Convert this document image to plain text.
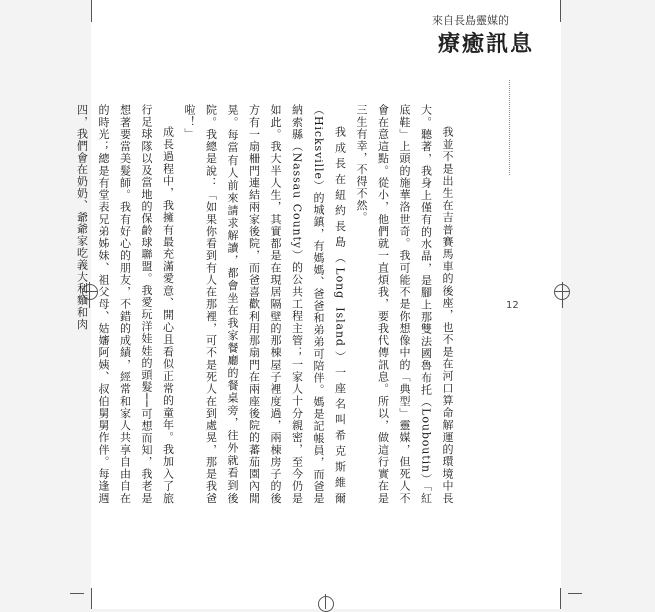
來自長島靈媒的
療癒訊息
12

我並不是出生在吉普賽馬車的後座，也不是在河口算命解運的環境中長大。聽著，我身上僅有的水晶，是腳上那雙法國魯布托（Louboutin）「紅底鞋」上頭的施華洛世奇。我可能不是你想像中的「典型」靈媒，但死人不會在意這點。從小，他們就一直煩我，要我代傳訊息。所以，做這行實在是三生有幸，不得不然。

我成長在紐約長島（Long Island）一座名叫希克斯維爾（Hicksville）的城鎮，有媽媽、爸爸和弟弟可陪伴。媽是記帳員，而爸是納索縣（Nassau County）的公共工程主管；一家人十分親密，至今仍是如此。我大半人生，其實都是在現居隔壁的那棟屋子裡度過，兩棟房子的後方有一扇柵門連結兩家後院，而爸喜歡利用那扇門在兩座後院的蕃茄園內閒晃。每當有人前來請求解讀，都會坐在我家餐廳的餐桌旁，往外就看到後院。我總是說：「如果你看到有人在那裡，可不是死人在到處晃，那是我爸啦！」

成長過程中，我擁有最充滿愛意、開心且看似正常的童年。我加入了旅行足球隊以及當地的保齡球聯盟。我愛玩洋娃娃的頭髮──可想而知，我老是想著要當美髮師。我有好心的朋友，不錯的成績，經常和家人共享自由自在的時光；總是有堂表兄弟姊妹、祖父母、姑嬸阿姨、叔伯舅舅作伴。每逢週四，我們會在奶奶、爺爺家吃義大利麵和肉
